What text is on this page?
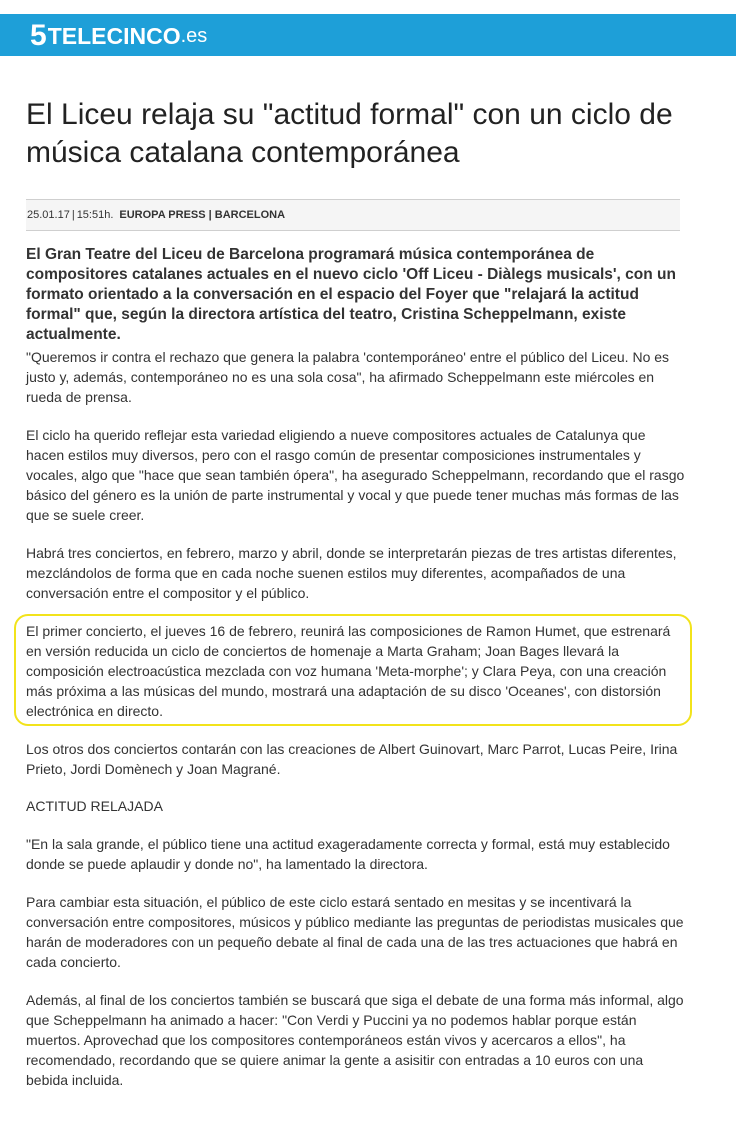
5 TELECINCO .es
El Liceu relaja su "actitud formal" con un ciclo de música catalana contemporánea
25.01.17 | 15:51h. EUROPA PRESS | BARCELONA

El Gran Teatre del Liceu de Barcelona programará música contemporánea de compositores catalanes actuales en el nuevo ciclo 'Off Liceu - Diàlegs musicals', con un formato orientado a la conversación en el espacio del Foyer que "relajará la actitud formal" que, según la directora artística del teatro, Cristina Scheppelmann, existe actualmente.

"Queremos ir contra el rechazo que genera la palabra 'contemporáneo' entre el público del Liceu. No es justo y, además, contemporáneo no es una sola cosa", ha afirmado Scheppelmann este miércoles en rueda de prensa.

El ciclo ha querido reflejar esta variedad eligiendo a nueve compositores actuales de Catalunya que hacen estilos muy diversos, pero con el rasgo común de presentar composiciones instrumentales y vocales, algo que "hace que sean también ópera", ha asegurado Scheppelmann, recordando que el rasgo básico del género es la unión de parte instrumental y vocal y que puede tener muchas más formas de las que se suele creer.

Habrá tres conciertos, en febrero, marzo y abril, donde se interpretarán piezas de tres artistas diferentes, mezclándolos de forma que en cada noche suenen estilos muy diferentes, acompañados de una conversación entre el compositor y el público.

El primer concierto, el jueves 16 de febrero, reunirá las composiciones de Ramon Humet, que estrenará en versión reducida un ciclo de conciertos de homenaje a Marta Graham; Joan Bages llevará la composición electroacústica mezclada con voz humana 'Meta-morphe'; y Clara Peya, con una creación más próxima a las músicas del mundo, mostrará una adaptación de su disco 'Oceanes', con distorsión electrónica en directo.

Los otros dos conciertos contarán con las creaciones de Albert Guinovart, Marc Parrot, Lucas Peire, Irina Prieto, Jordi Domènech y Joan Magrané.

ACTITUD RELAJADA

"En la sala grande, el público tiene una actitud exageradamente correcta y formal, está muy establecido donde se puede aplaudir y donde no", ha lamentado la directora.

Para cambiar esta situación, el público de este ciclo estará sentado en mesitas y se incentivará la conversación entre compositores, músicos y público mediante las preguntas de periodistas musicales que harán de moderadores con un pequeño debate al final de cada una de las tres actuaciones que habrá en cada concierto.

Además, al final de los conciertos también se buscará que siga el debate de una forma más informal, algo que Scheppelmann ha animado a hacer: "Con Verdi y Puccini ya no podemos hablar porque están muertos. Aprovechad que los compositores contemporáneos están vivos y acercaros a ellos", ha recomendado, recordando que se quiere animar la gente a asisitir con entradas a 10 euros con una bebida incluida.
